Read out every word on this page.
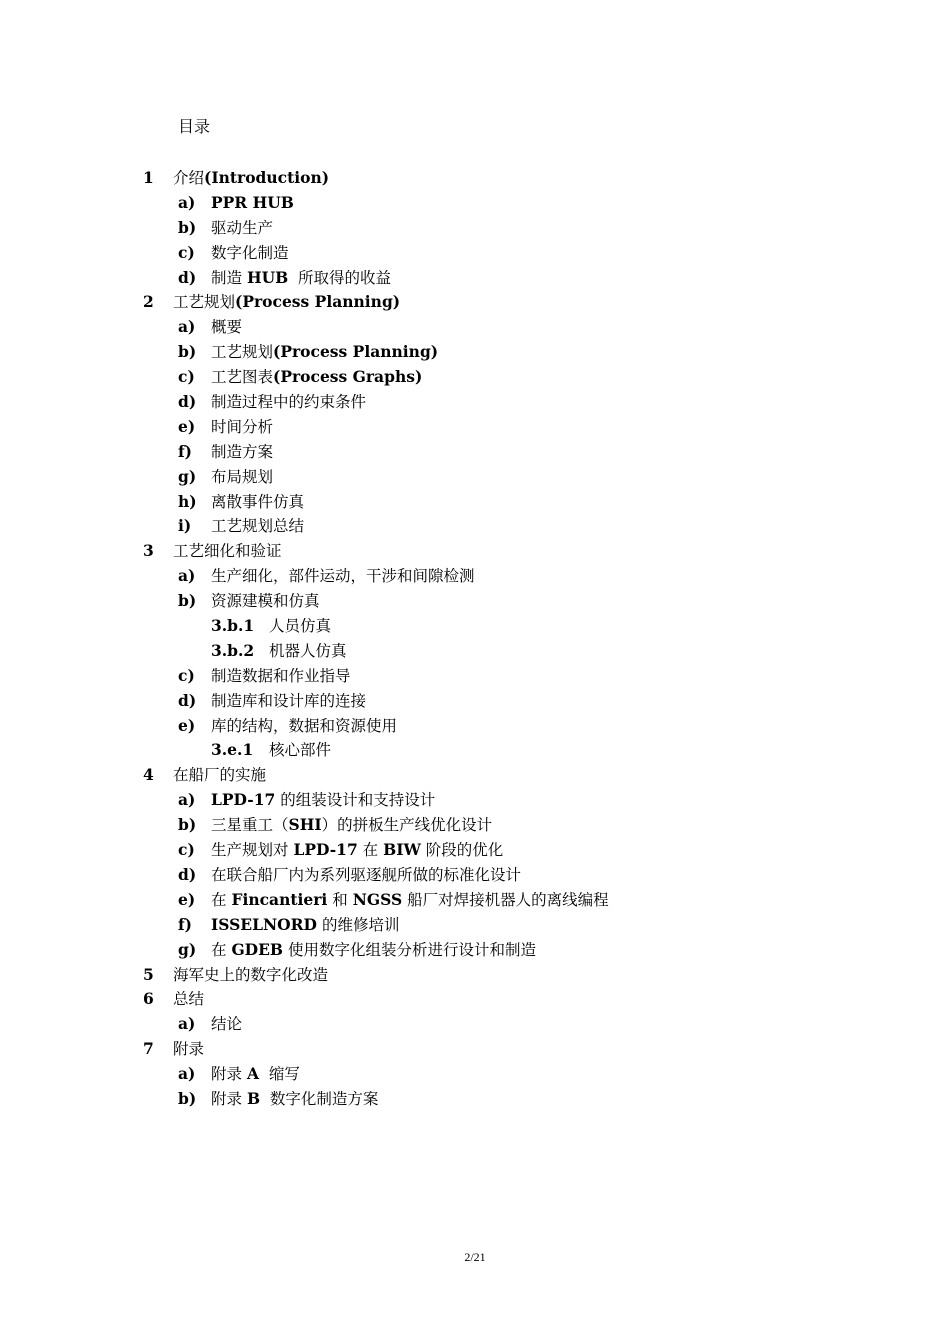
目录
1 介绍(Introduction)
a) PPR HUB
b) 驱动生产
c) 数字化制造
d) 制造 HUB  所取得的收益
2 工艺规划(Process Planning)
a) 概要
b) 工艺规划(Process Planning)
c) 工艺图表(Process Graphs)
d) 制造过程中的约束条件
e) 时间分析
f) 制造方案
g) 布局规划
h) 离散事件仿真
i) 工艺规划总结
3 工艺细化和验证
a) 生产细化，部件运动，干涉和间隙检测
b) 资源建模和仿真
3.b.1 人员仿真
3.b.2 机器人仿真
c) 制造数据和作业指导
d) 制造库和设计库的连接
e) 库的结构，数据和资源使用
3.e.1 核心部件
4 在船厂的实施
a) LPD-17 的组装设计和支持设计
b) 三星重工（SHI）的拼板生产线优化设计
c) 生产规划对 LPD-17 在 BIW 阶段的优化
d) 在联合船厂内为系列驱逐舰所做的标准化设计
e) 在 Fincantieri 和 NGSS 船厂对焊接机器人的离线编程
f) ISSELNORD 的维修培训
g) 在 GDEB 使用数字化组装分析进行设计和制造
5 海军史上的数字化改造
6 总结
a) 结论
7 附录
a) 附录 A  缩写
b) 附录 B  数字化制造方案
2/21
